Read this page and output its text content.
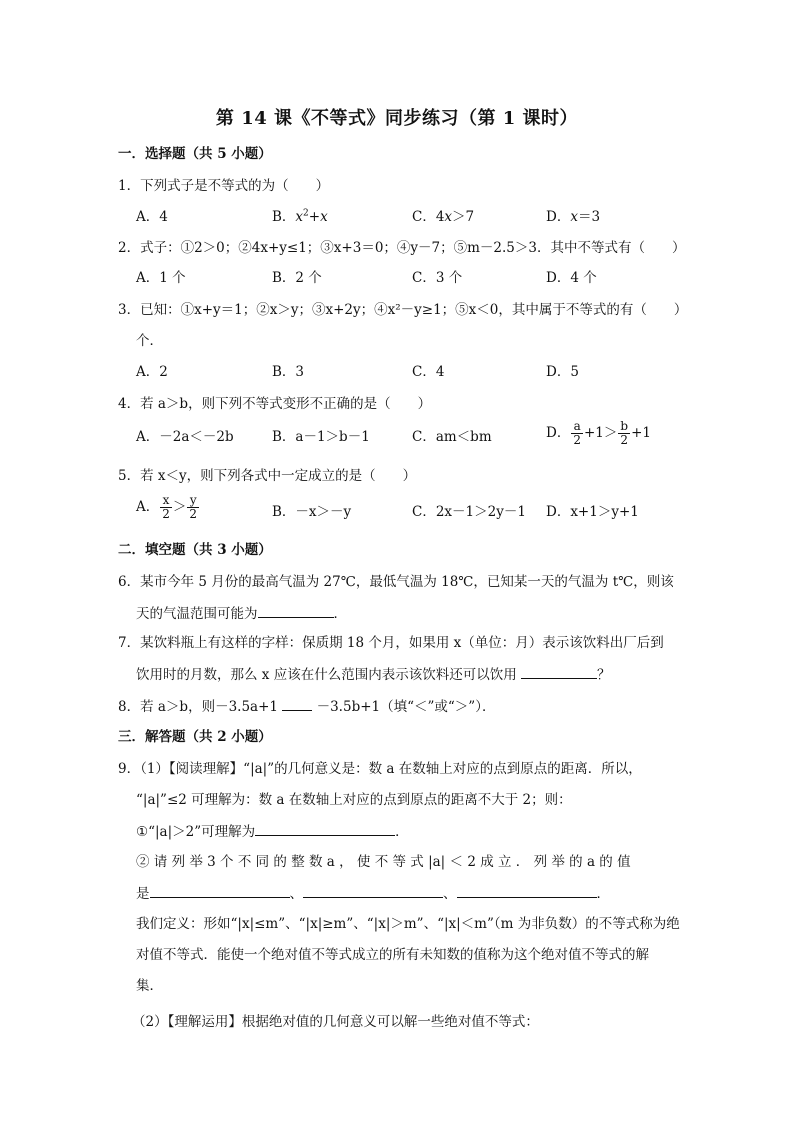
第 14 课《不等式》同步练习（第 1 课时）
一．选择题（共 5 小题）
1．下列式子是不等式的为（　　）
A．4	B．$x^2+x$	C．4x＞7	D．x＝3
2．式子：①2＞0；②4x+y≤1；③x+3＝0；④y－7；⑤m－2.5＞3．其中不等式有（　　）
A．1 个	B．2 个	C．3 个	D．4 个
3．已知：①x+y＝1；②x＞y；③x+2y；④x²－y≥1；⑤x＜0，其中属于不等式的有（　　）
个．
A．2	B．3	C．4	D．5
4．若 a＞b，则下列不等式变形不正确的是（　　）
A．－2a＜－2b	B．a－1＞b－1	C．am＜bm	D． $\frac{a}{2} +1> \frac{b}{2} +1$
5．若 x＜y，则下列各式中一定成立的是（　　）
A． $\frac{x}{2} > \frac{y}{2}$	B．－x＞－y	C．2x－1＞2y－1 D．x+1＞y+1
二．填空题（共 3 小题）
6．某市今年 5 月份的最高气温为 27℃，最低气温为 18℃，已知某一天的气温为 t℃，则该
天的气温范围可能为	．
7．某饮料瓶上有这样的字样：保质期 18 个月，如果用 x（单位：月）表示该饮料出厂后到
饮用时的月数，那么 x 应该在什么范围内表示该饮料还可以饮用	？
8．若 a＞b，则－3.5a+1	－3.5b+1（填“＜”或“＞”）．
三．解答题（共 2 小题）
9．（1）【阅读理解】“|a|”的几何意义是：数 a 在数轴上对应的点到原点的距离．所以，
“|a|”≤2 可理解为：数 a 在数轴上对应的点到原点的距离不大于 2；则：
①“|a|＞2”可理解为	．
② 请 列 举 3 个 不 同 的 整 数 a ， 使 不 等 式 |a| ＜ 2 成 立 ． 列 举 的 a 的 值
是	、	、	．
我们定义：形如“|x|≤m”、“|x|≥m”、“|x|＞m”、“|x|＜m”（m 为非负数）的不等式称为绝
对值不等式．能使一个绝对值不等式成立的所有未知数的值称为这个绝对值不等式的解
集．
（2）【理解运用】根据绝对值的几何意义可以解一些绝对值不等式：
